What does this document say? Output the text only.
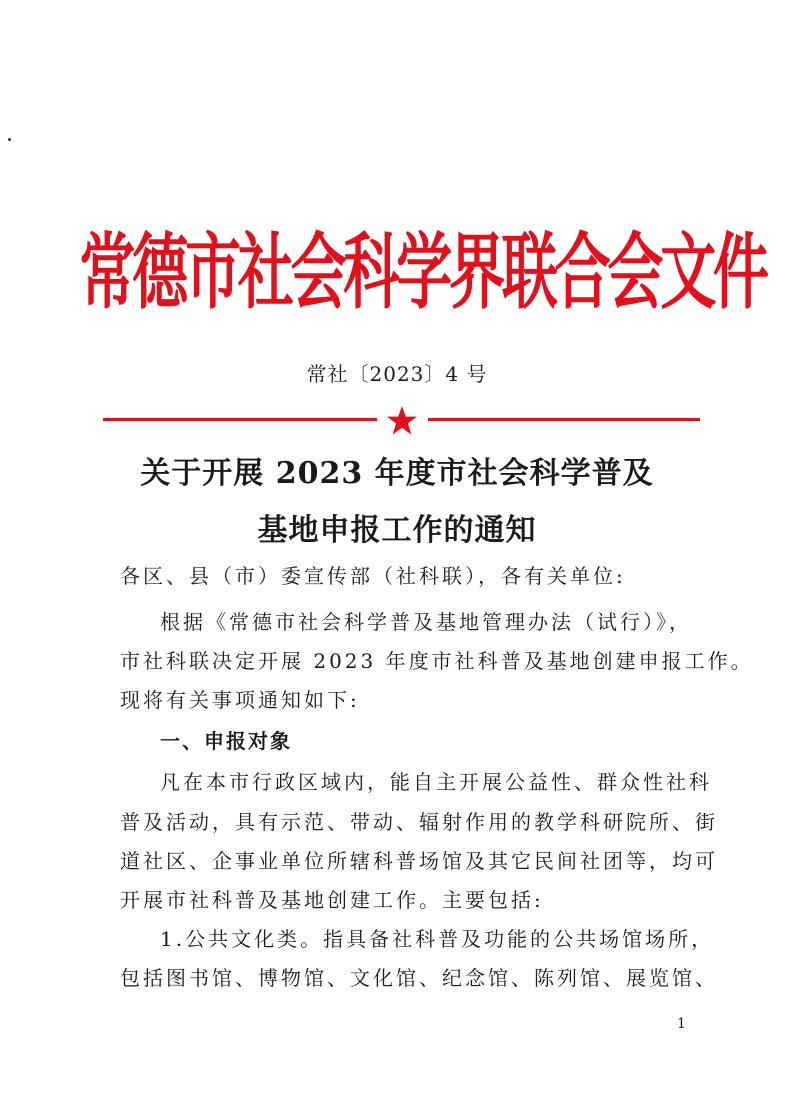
常德市社会科学界联合会文件
常社〔2023〕4 号
关于开展 2023 年度市社会科学普及
基地申报工作的通知
各区、县（市）委宣传部（社科联），各有关单位:
根据《常德市社会科学普及基地管理办法（试行）》，
市社科联决定开展 2023 年度市社科普及基地创建申报工作。
现将有关事项通知如下:
一、申报对象
凡在本市行政区域内，能自主开展公益性、群众性社科
普及活动，具有示范、带动、辐射作用的教学科研院所、街
道社区、企事业单位所辖科普场馆及其它民间社团等，均可
开展市社科普及基地创建工作。主要包括:
1.公共文化类。指具备社科普及功能的公共场馆场所，
包括图书馆、博物馆、文化馆、纪念馆、陈列馆、展览馆、
1
